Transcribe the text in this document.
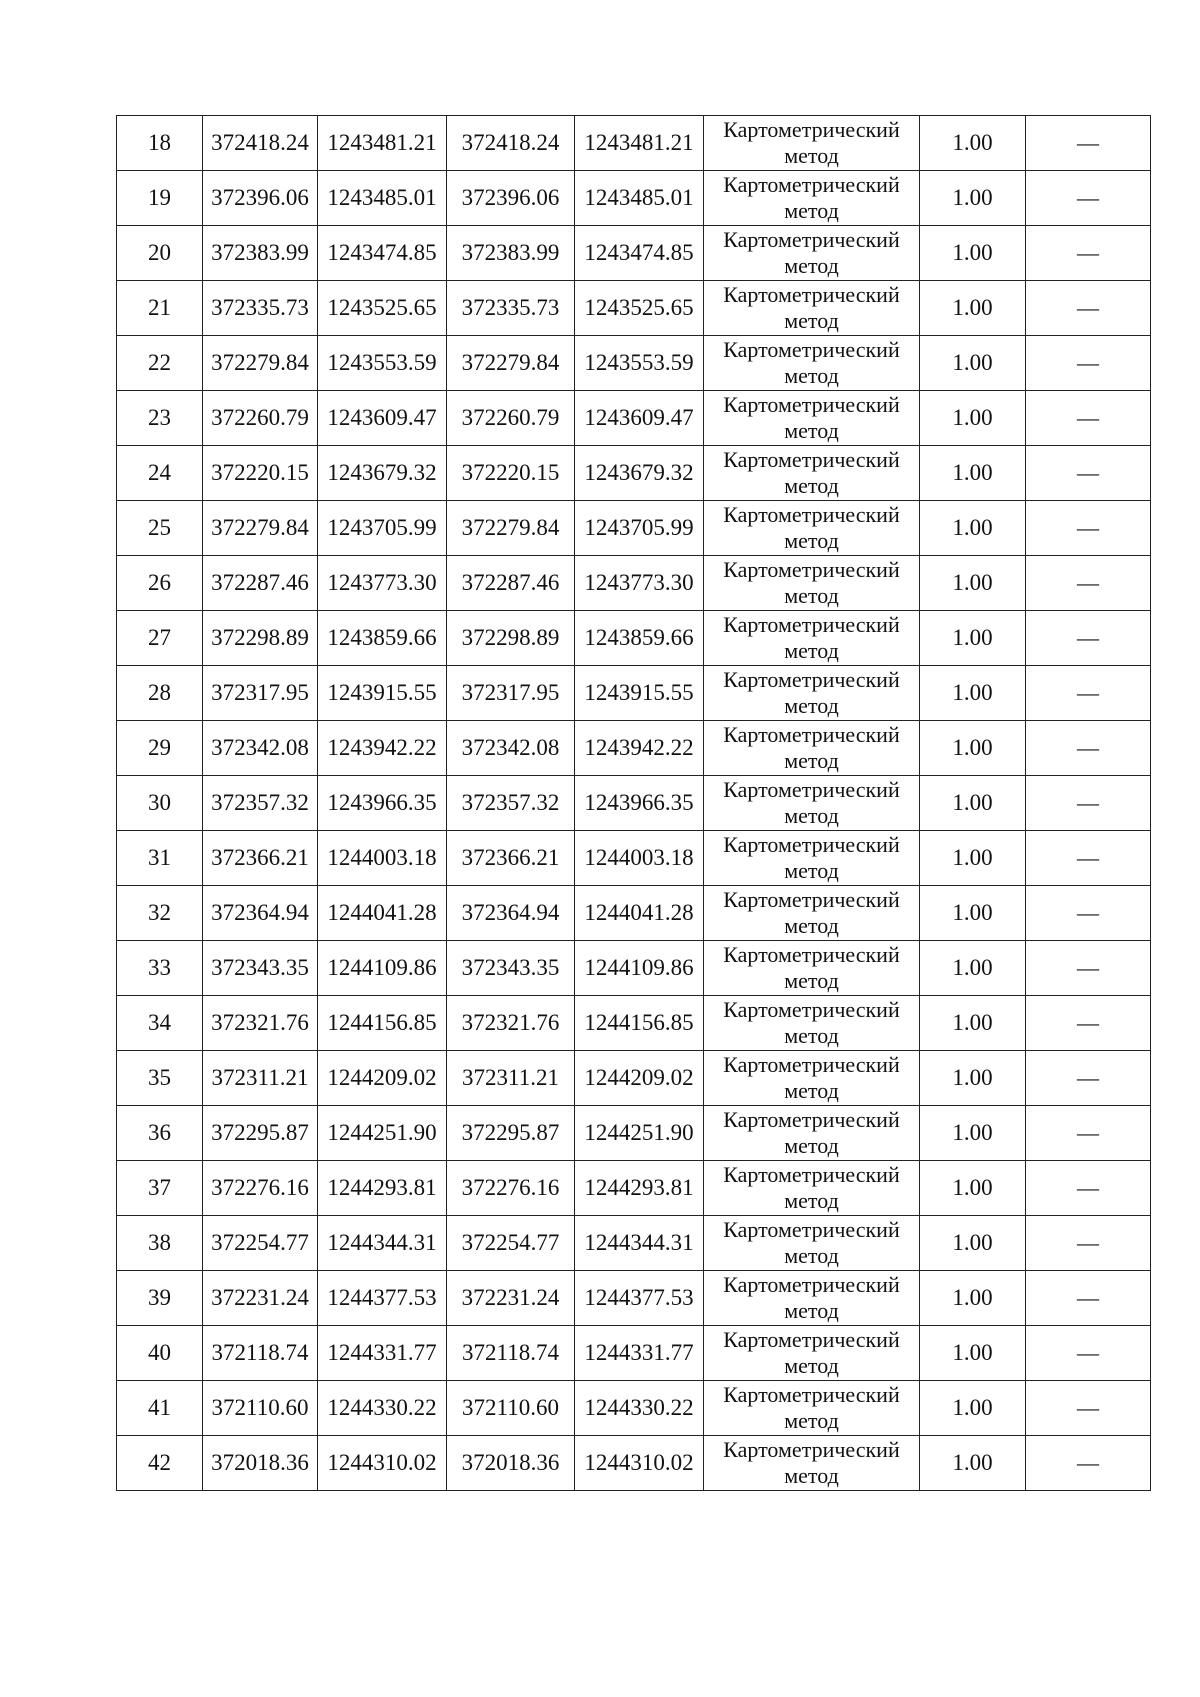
18	372418.24	1243481.21	372418.24	1243481.21	Картометрический метод	1.00	—
19	372396.06	1243485.01	372396.06	1243485.01	Картометрический метод	1.00	—
20	372383.99	1243474.85	372383.99	1243474.85	Картометрический метод	1.00	—
21	372335.73	1243525.65	372335.73	1243525.65	Картометрический метод	1.00	—
22	372279.84	1243553.59	372279.84	1243553.59	Картометрический метод	1.00	—
23	372260.79	1243609.47	372260.79	1243609.47	Картометрический метод	1.00	—
24	372220.15	1243679.32	372220.15	1243679.32	Картометрический метод	1.00	—
25	372279.84	1243705.99	372279.84	1243705.99	Картометрический метод	1.00	—
26	372287.46	1243773.30	372287.46	1243773.30	Картометрический метод	1.00	—
27	372298.89	1243859.66	372298.89	1243859.66	Картометрический метод	1.00	—
28	372317.95	1243915.55	372317.95	1243915.55	Картометрический метод	1.00	—
29	372342.08	1243942.22	372342.08	1243942.22	Картометрический метод	1.00	—
30	372357.32	1243966.35	372357.32	1243966.35	Картометрический метод	1.00	—
31	372366.21	1244003.18	372366.21	1244003.18	Картометрический метод	1.00	—
32	372364.94	1244041.28	372364.94	1244041.28	Картометрический метод	1.00	—
33	372343.35	1244109.86	372343.35	1244109.86	Картометрический метод	1.00	—
34	372321.76	1244156.85	372321.76	1244156.85	Картометрический метод	1.00	—
35	372311.21	1244209.02	372311.21	1244209.02	Картометрический метод	1.00	—
36	372295.87	1244251.90	372295.87	1244251.90	Картометрический метод	1.00	—
37	372276.16	1244293.81	372276.16	1244293.81	Картометрический метод	1.00	—
38	372254.77	1244344.31	372254.77	1244344.31	Картометрический метод	1.00	—
39	372231.24	1244377.53	372231.24	1244377.53	Картометрический метод	1.00	—
40	372118.74	1244331.77	372118.74	1244331.77	Картометрический метод	1.00	—
41	372110.60	1244330.22	372110.60	1244330.22	Картометрический метод	1.00	—
42	372018.36	1244310.02	372018.36	1244310.02	Картометрический метод	1.00	—
